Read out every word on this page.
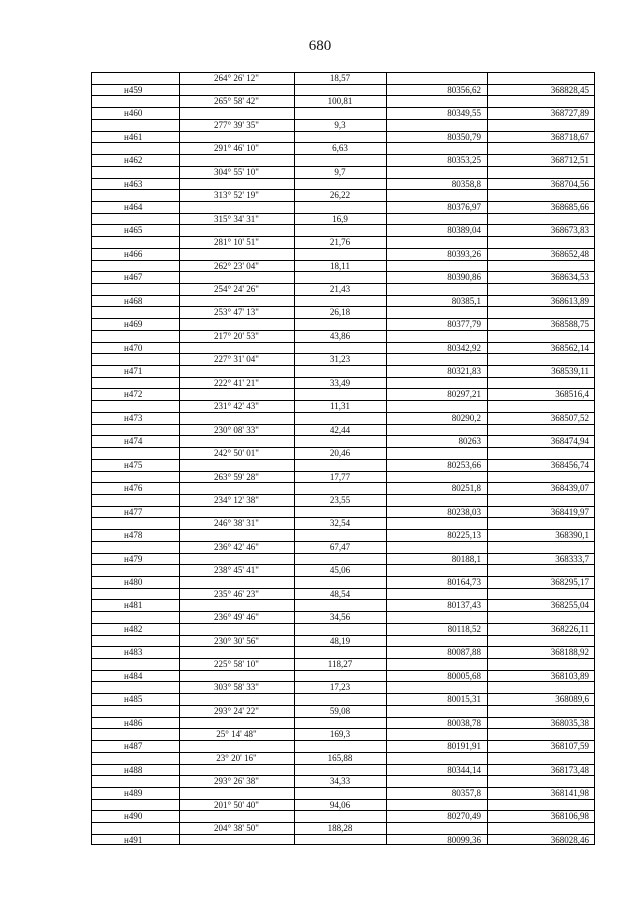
680
264° 26' 12"	18,57
н459	80356,62	368828,45
265° 58' 42"	100,81
н460	80349,55	368727,89
277° 39' 35"	9,3
н461	80350,79	368718,67
291° 46' 10"	6,63
н462	80353,25	368712,51
304° 55' 10"	9,7
н463	80358,8	368704,56
313° 52' 19"	26,22
н464	80376,97	368685,66
315° 34' 31"	16,9
н465	80389,04	368673,83
281° 10' 51"	21,76
н466	80393,26	368652,48
262° 23' 04"	18,11
н467	80390,86	368634,53
254° 24' 26"	21,43
н468	80385,1	368613,89
253° 47' 13"	26,18
н469	80377,79	368588,75
217° 20' 53"	43,86
н470	80342,92	368562,14
227° 31' 04"	31,23
н471	80321,83	368539,11
222° 41' 21"	33,49
н472	80297,21	368516,4
231° 42' 43"	11,31
н473	80290,2	368507,52
230° 08' 33"	42,44
н474	80263	368474,94
242° 50' 01"	20,46
н475	80253,66	368456,74
263° 59' 28"	17,77
н476	80251,8	368439,07
234° 12' 38"	23,55
н477	80238,03	368419,97
246° 38' 31"	32,54
н478	80225,13	368390,1
236° 42' 46"	67,47
н479	80188,1	368333,7
238° 45' 41"	45,06
н480	80164,73	368295,17
235° 46' 23"	48,54
н481	80137,43	368255,04
236° 49' 46"	34,56
н482	80118,52	368226,11
230° 30' 56"	48,19
н483	80087,88	368188,92
225° 58' 10"	118,27
н484	80005,68	368103,89
303° 58' 33"	17,23
н485	80015,31	368089,6
293° 24' 22"	59,08
н486	80038,78	368035,38
25° 14' 48"	169,3
н487	80191,91	368107,59
23° 20' 16"	165,88
н488	80344,14	368173,48
293° 26' 38"	34,33
н489	80357,8	368141,98
201° 50' 40"	94,06
н490	80270,49	368106,98
204° 38' 50"	188,28
н491	80099,36	368028,46
